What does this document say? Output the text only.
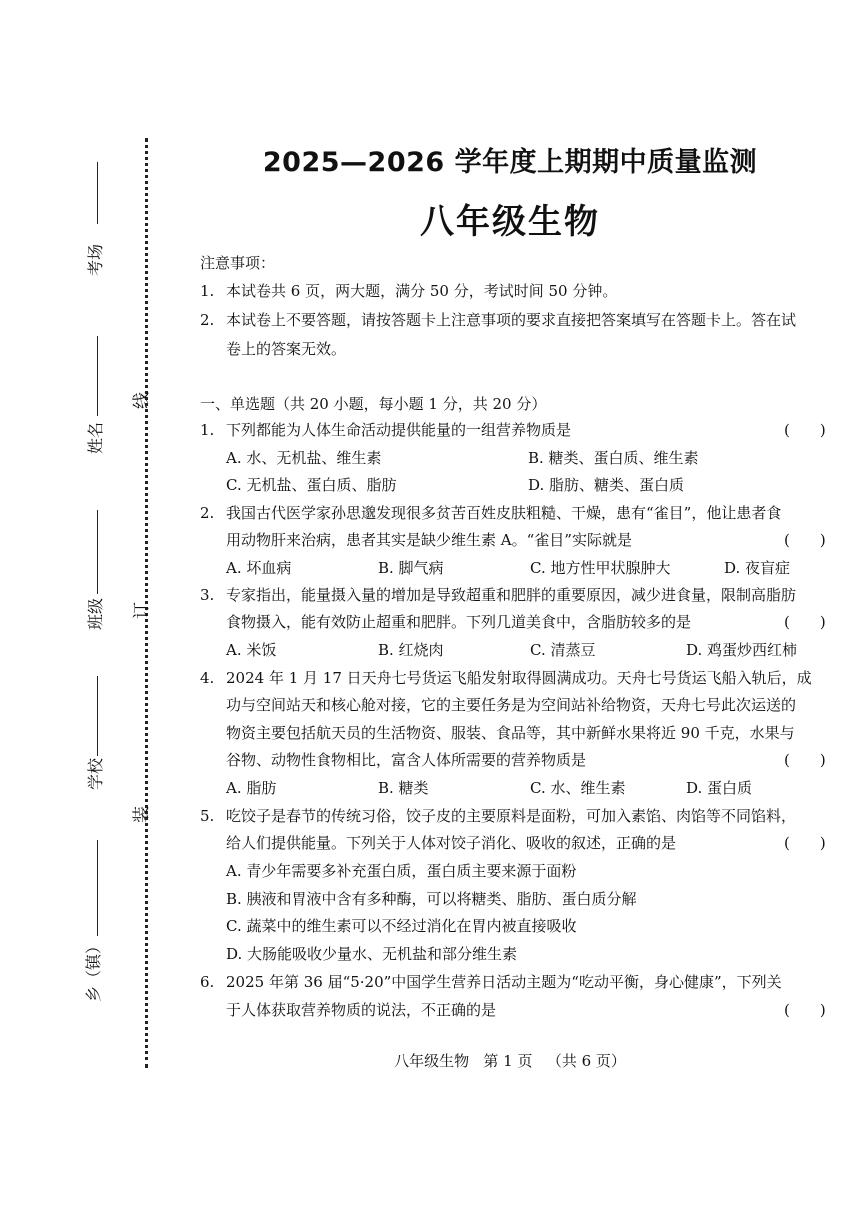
考场
姓名
班级
学校
乡（镇）
线
订
装
2025—2026 学年度上期期中质量监测
八年级生物
注意事项：
1. 本试卷共 6 页，两大题，满分 50 分，考试时间 50 分钟。
2. 本试卷上不要答题，请按答题卡上注意事项的要求直接把答案填写在答题卡上。答在试
卷上的答案无效。
一、单选题（共 20 小题，每小题 1 分，共 20 分）
1. 下列都能为人体生命活动提供能量的一组营养物质是	(　　)
A. 水、无机盐、维生素	B. 糖类、蛋白质、维生素
C. 无机盐、蛋白质、脂肪	D. 脂肪、糖类、蛋白质
2. 我国古代医学家孙思邈发现很多贫苦百姓皮肤粗糙、干燥，患有“雀目”，他让患者食
用动物肝来治病，患者其实是缺少维生素 A。“雀目”实际就是	(　　)
A. 坏血病	B. 脚气病	C. 地方性甲状腺肿大	D. 夜盲症
3. 专家指出，能量摄入量的增加是导致超重和肥胖的重要原因，减少进食量，限制高脂肪
食物摄入，能有效防止超重和肥胖。下列几道美食中，含脂肪较多的是	(　　)
A. 米饭	B. 红烧肉	C. 清蒸豆	D. 鸡蛋炒西红柿
4. 2024 年 1 月 17 日天舟七号货运飞船发射取得圆满成功。天舟七号货运飞船入轨后，成
功与空间站天和核心舱对接，它的主要任务是为空间站补给物资，天舟七号此次运送的
物资主要包括航天员的生活物资、服装、食品等，其中新鲜水果将近 90 千克，水果与
谷物、动物性食物相比，富含人体所需要的营养物质是	(　　)
A. 脂肪	B. 糖类	C. 水、维生素	D. 蛋白质
5. 吃饺子是春节的传统习俗，饺子皮的主要原料是面粉，可加入素馅、肉馅等不同馅料，
给人们提供能量。下列关于人体对饺子消化、吸收的叙述，正确的是	(　　)
A. 青少年需要多补充蛋白质，蛋白质主要来源于面粉
B. 胰液和胃液中含有多种酶，可以将糖类、脂肪、蛋白质分解
C. 蔬菜中的维生素可以不经过消化在胃内被直接吸收
D. 大肠能吸收少量水、无机盐和部分维生素
6. 2025 年第 36 届“5·20”中国学生营养日活动主题为“吃动平衡，身心健康”，下列关
于人体获取营养物质的说法，不正确的是	(　　)
八年级生物 第 1 页 （共 6 页）
